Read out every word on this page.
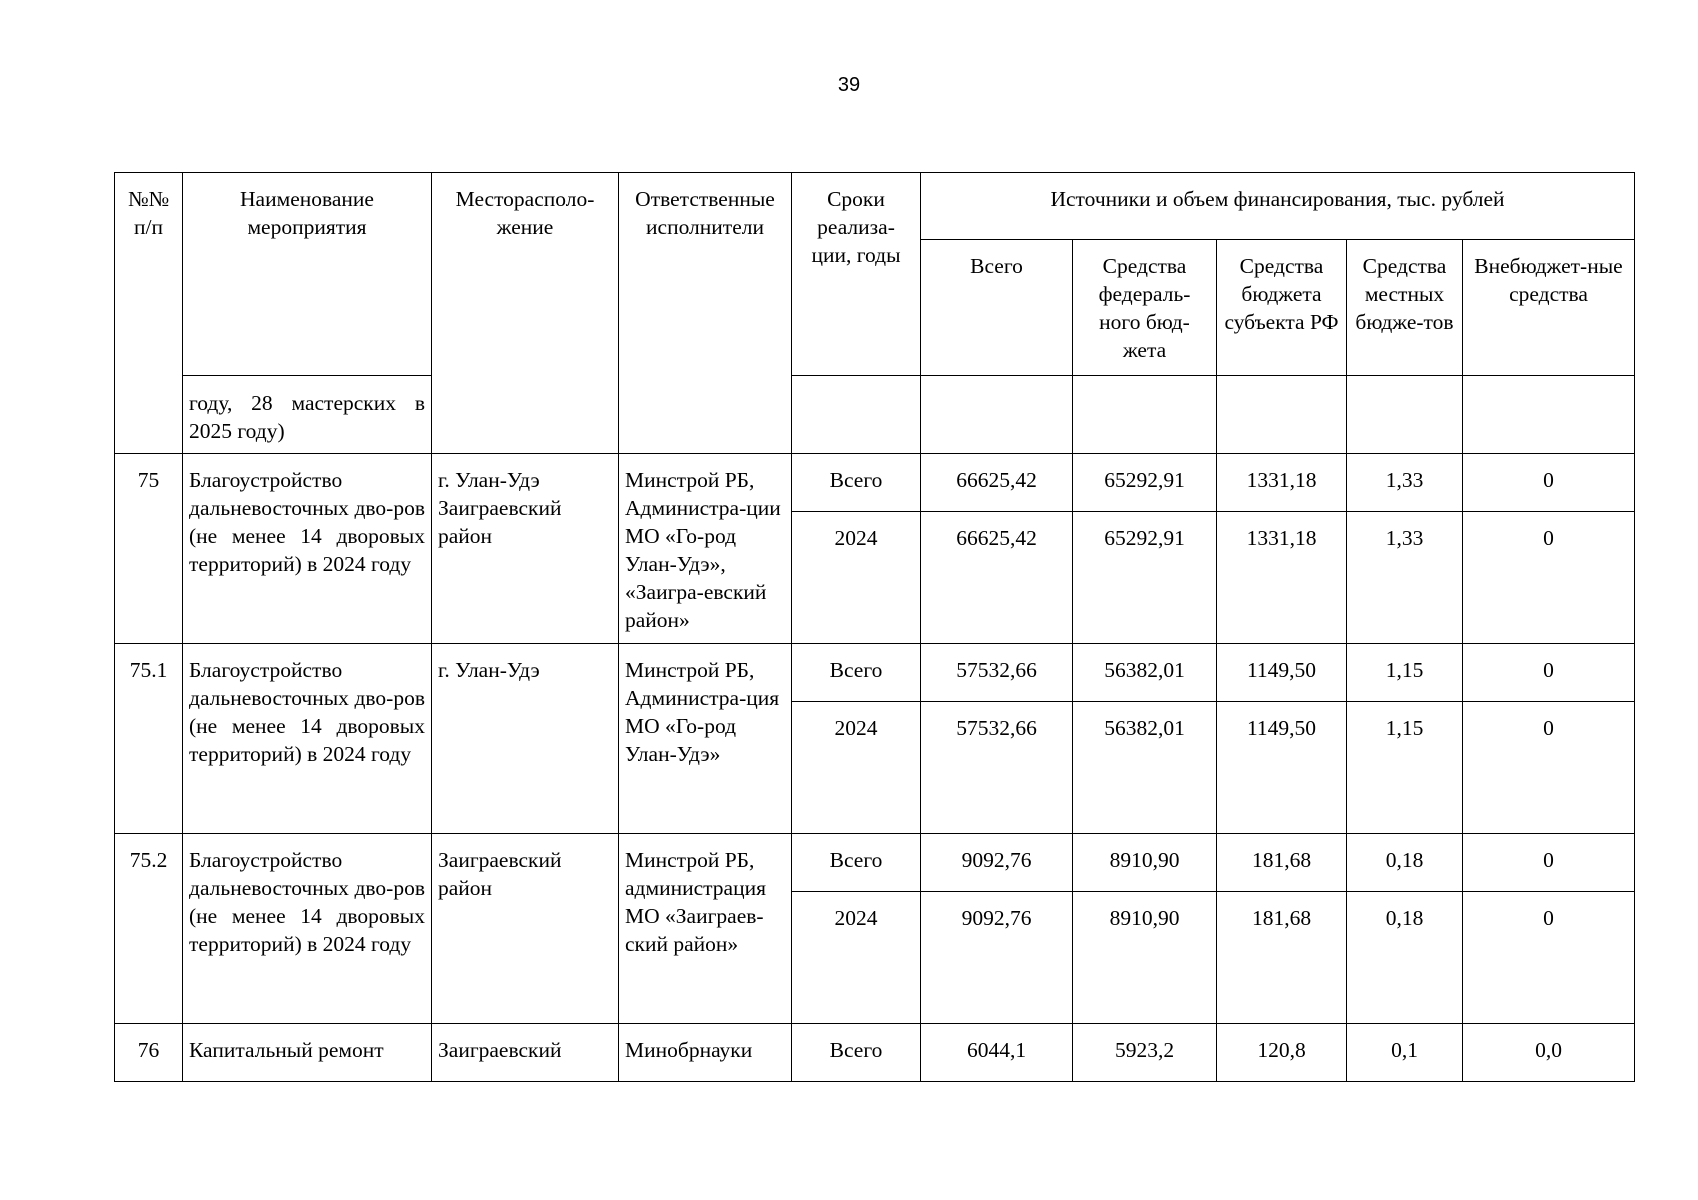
39
№№ п/п	Наименование мероприятия	Месторасполо-жение	Ответственные исполнители	Сроки реализа-ции, годы	Источники и объем финансирования, тыс. рублей				
					Всего	Средства федераль-ного бюд-жета	Средства бюджета субъекта РФ	Средства местных бюдже-тов	Внебюджет-ные средства
	году, 28 мастерских в 2025 году)								
75	Благоустройство дальневосточных дво-ров (не менее 14 дворовых территорий) в 2024 году	г. Улан-Удэ Заиграевский район	Минстрой РБ, Администра-ции МО «Го-род Улан-Удэ», «Заигра-евский район»	Всего	66625,42	65292,91	1331,18	1,33	0
				2024	66625,42	65292,91	1331,18	1,33	0
75.1	Благоустройство дальневосточных дво-ров (не менее 14 дворовых территорий) в 2024 году	г. Улан-Удэ	Минстрой РБ, Администра-ция МО «Го-род Улан-Удэ»	Всего	57532,66	56382,01	1149,50	1,15	0
				2024	57532,66	56382,01	1149,50	1,15	0
75.2	Благоустройство дальневосточных дво-ров (не менее 14 дворовых территорий) в 2024 году	Заиграевский район	Минстрой РБ, администрация МО «Заиграев-ский район»	Всего	9092,76	8910,90	181,68	0,18	0
				2024	9092,76	8910,90	181,68	0,18	0
76	Капитальный ремонт	Заиграевский	Минобрнауки	Всего	6044,1	5923,2	120,8	0,1	0,0
